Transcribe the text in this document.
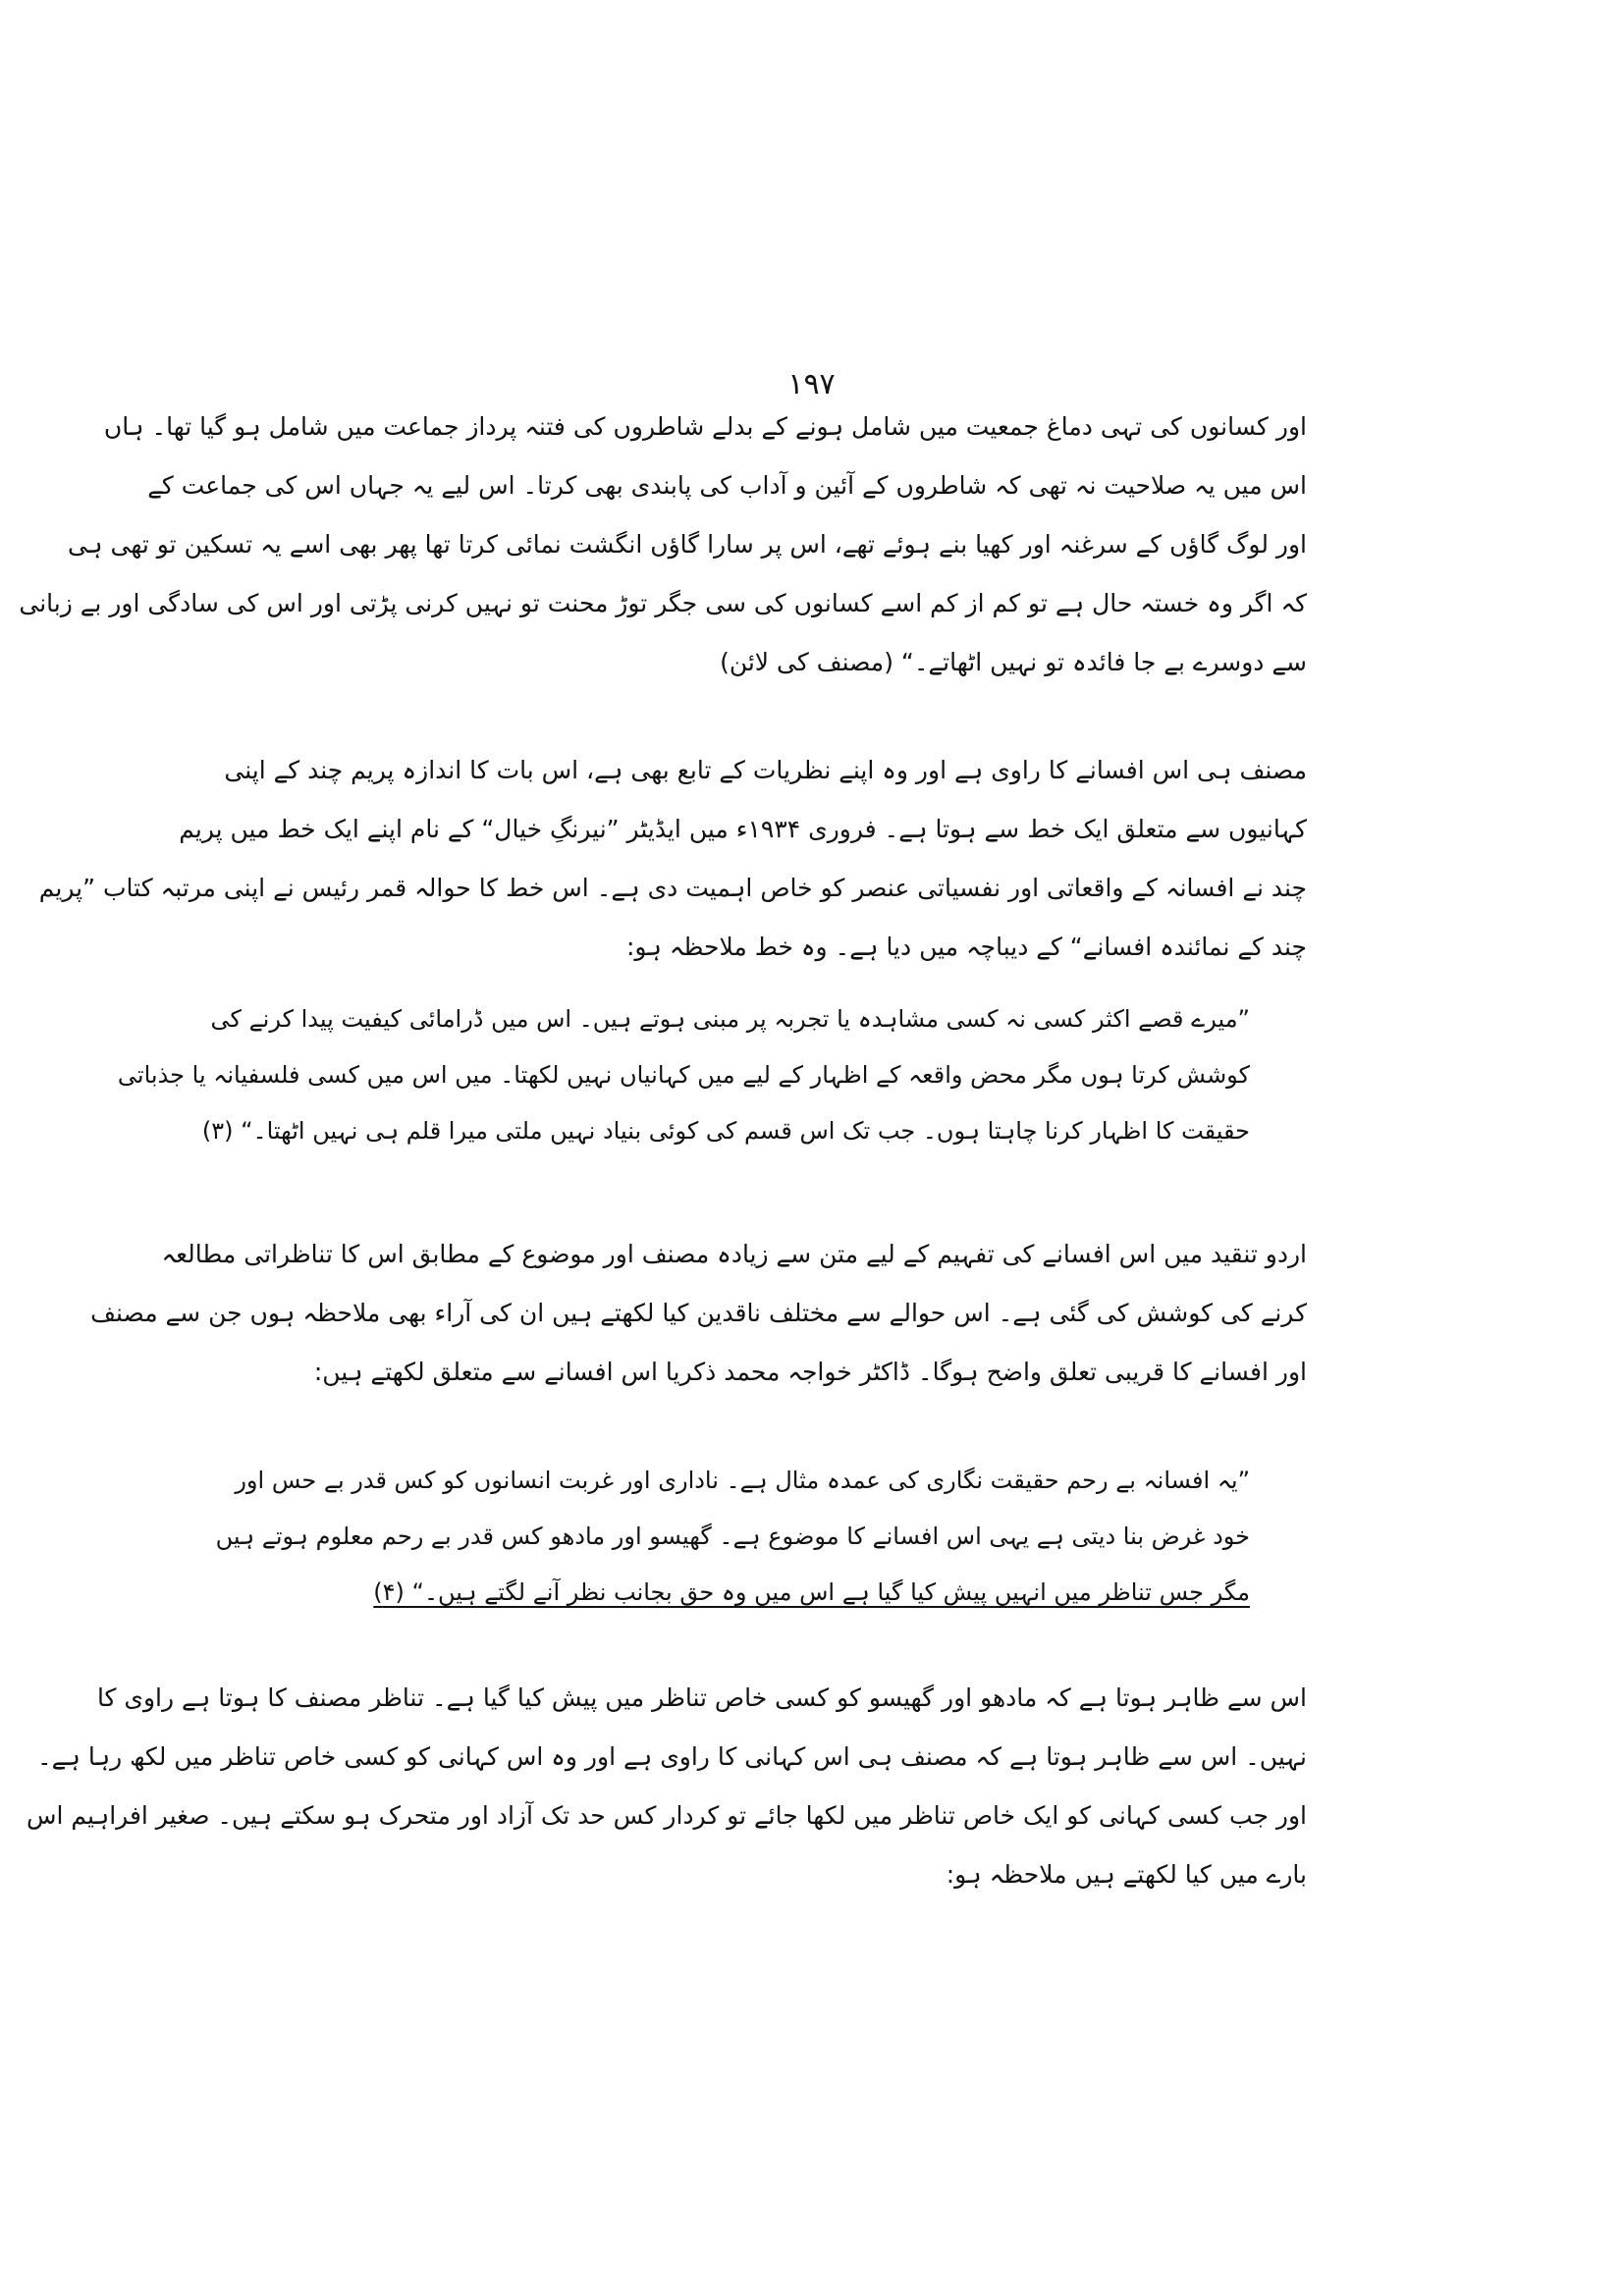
۱۹۷
اور کسانوں کی تہی دماغ جمعیت میں شامل ہونے کے بدلے شاطروں کی فتنہ پرداز جماعت میں شامل ہو گیا تھا۔ ہاں
اس میں یہ صلاحیت نہ تھی کہ شاطروں کے آئین و آداب کی پابندی بھی کرتا۔ اس لیے یہ جہاں اس کی جماعت کے
اور لوگ گاؤں کے سرغنہ اور کھیا بنے ہوئے تھے، اس پر سارا گاؤں انگشت نمائی کرتا تھا پھر بھی اسے یہ تسکین تو تھی ہی
کہ اگر وہ خستہ حال ہے تو کم از کم اسے کسانوں کی سی جگر توڑ محنت تو نہیں کرنی پڑتی اور اس کی سادگی اور بے زبانی
سے دوسرے بے جا فائدہ تو نہیں اٹھاتے۔“ (مصنف کی لائن)
مصنف ہی اس افسانے کا راوی ہے اور وہ اپنے نظریات کے تابع بھی ہے، اس بات کا اندازہ پریم چند کے اپنی
کہانیوں سے متعلق ایک خط سے ہوتا ہے۔ فروری ۱۹۳۴ء میں ایڈیٹر ”نیرنگِ خیال“ کے نام اپنے ایک خط میں پریم
چند نے افسانہ کے واقعاتی اور نفسیاتی عنصر کو خاص اہمیت دی ہے۔ اس خط کا حوالہ قمر رئیس نے اپنی مرتبہ کتاب ”پریم
چند کے نمائندہ افسانے“ کے دیباچہ میں دیا ہے۔ وہ خط ملاحظہ ہو:
”میرے قصے اکثر کسی نہ کسی مشاہدہ یا تجربہ پر مبنی ہوتے ہیں۔ اس میں ڈرامائی کیفیت پیدا کرنے کی
کوشش کرتا ہوں مگر محض واقعہ کے اظہار کے لیے میں کہانیاں نہیں لکھتا۔ میں اس میں کسی فلسفیانہ یا جذباتی
حقیقت کا اظہار کرنا چاہتا ہوں۔ جب تک اس قسم کی کوئی بنیاد نہیں ملتی میرا قلم ہی نہیں اٹھتا۔“ (۳)
اردو تنقید میں اس افسانے کی تفہیم کے لیے متن سے زیادہ مصنف اور موضوع کے مطابق اس کا تناظراتی مطالعہ
کرنے کی کوشش کی گئی ہے۔ اس حوالے سے مختلف ناقدین کیا لکھتے ہیں ان کی آراء بھی ملاحظہ ہوں جن سے مصنف
اور افسانے کا قریبی تعلق واضح ہوگا۔ ڈاکٹر خواجہ محمد ذکریا اس افسانے سے متعلق لکھتے ہیں:
”یہ افسانہ بے رحم حقیقت نگاری کی عمدہ مثال ہے۔ ناداری اور غربت انسانوں کو کس قدر بے حس اور
خود غرض بنا دیتی ہے یہی اس افسانے کا موضوع ہے۔ گھیسو اور مادھو کس قدر بے رحم معلوم ہوتے ہیں
مگر جس تناظر میں انہیں پیش کیا گیا ہے اس میں وہ حق بجانب نظر آنے لگتے ہیں۔“ (۴)
اس سے ظاہر ہوتا ہے کہ مادھو اور گھیسو کو کسی خاص تناظر میں پیش کیا گیا ہے۔ تناظر مصنف کا ہوتا ہے راوی کا
نہیں۔ اس سے ظاہر ہوتا ہے کہ مصنف ہی اس کہانی کا راوی ہے اور وہ اس کہانی کو کسی خاص تناظر میں لکھ رہا ہے۔
اور جب کسی کہانی کو ایک خاص تناظر میں لکھا جائے تو کردار کس حد تک آزاد اور متحرک ہو سکتے ہیں۔ صغیر افراہیم اس
بارے میں کیا لکھتے ہیں ملاحظہ ہو:
